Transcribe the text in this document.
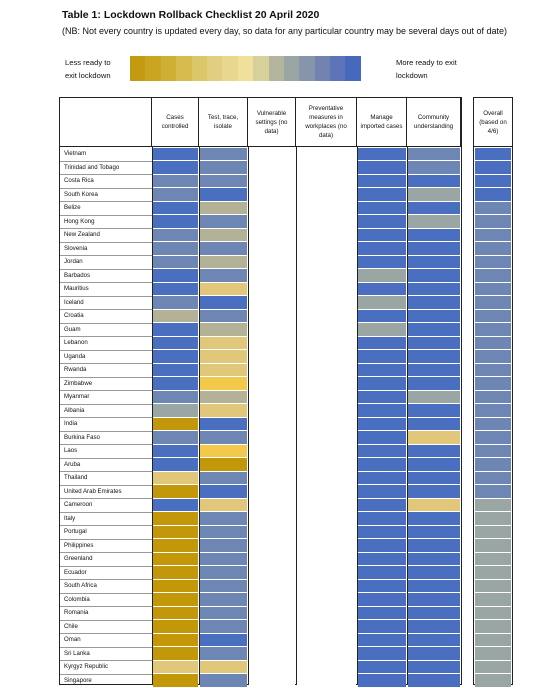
Table 1: Lockdown Rollback Checklist 20 April 2020
(NB: Not every country is updated every day, so data for any particular country may be several days out of date)
Less ready to
exit lockdown
More ready to exit
lockdown
Cases controlled
Test, trace, isolate
Vulnerable settings (no data)
Preventative measures in workplaces (no data)
Manage imported cases
Community understanding
Vietnam
Trinidad and Tobago
Costa Rica
South Korea
Belize
Hong Kong
New Zealand
Slovenia
Jordan
Barbados
Mauritius
Iceland
Croatia
Guam
Lebanon
Uganda
Rwanda
Zimbabwe
Myanmar
Albania
India
Burkina Faso
Laos
Aruba
Thailand
United Arab Emirates
Cameroon
Italy
Portugal
Philippines
Greenland
Ecuador
South Africa
Colombia
Romania
Chile
Oman
Sri Lanka
Kyrgyz Republic
Singapore
Overall (based on 4/6)
